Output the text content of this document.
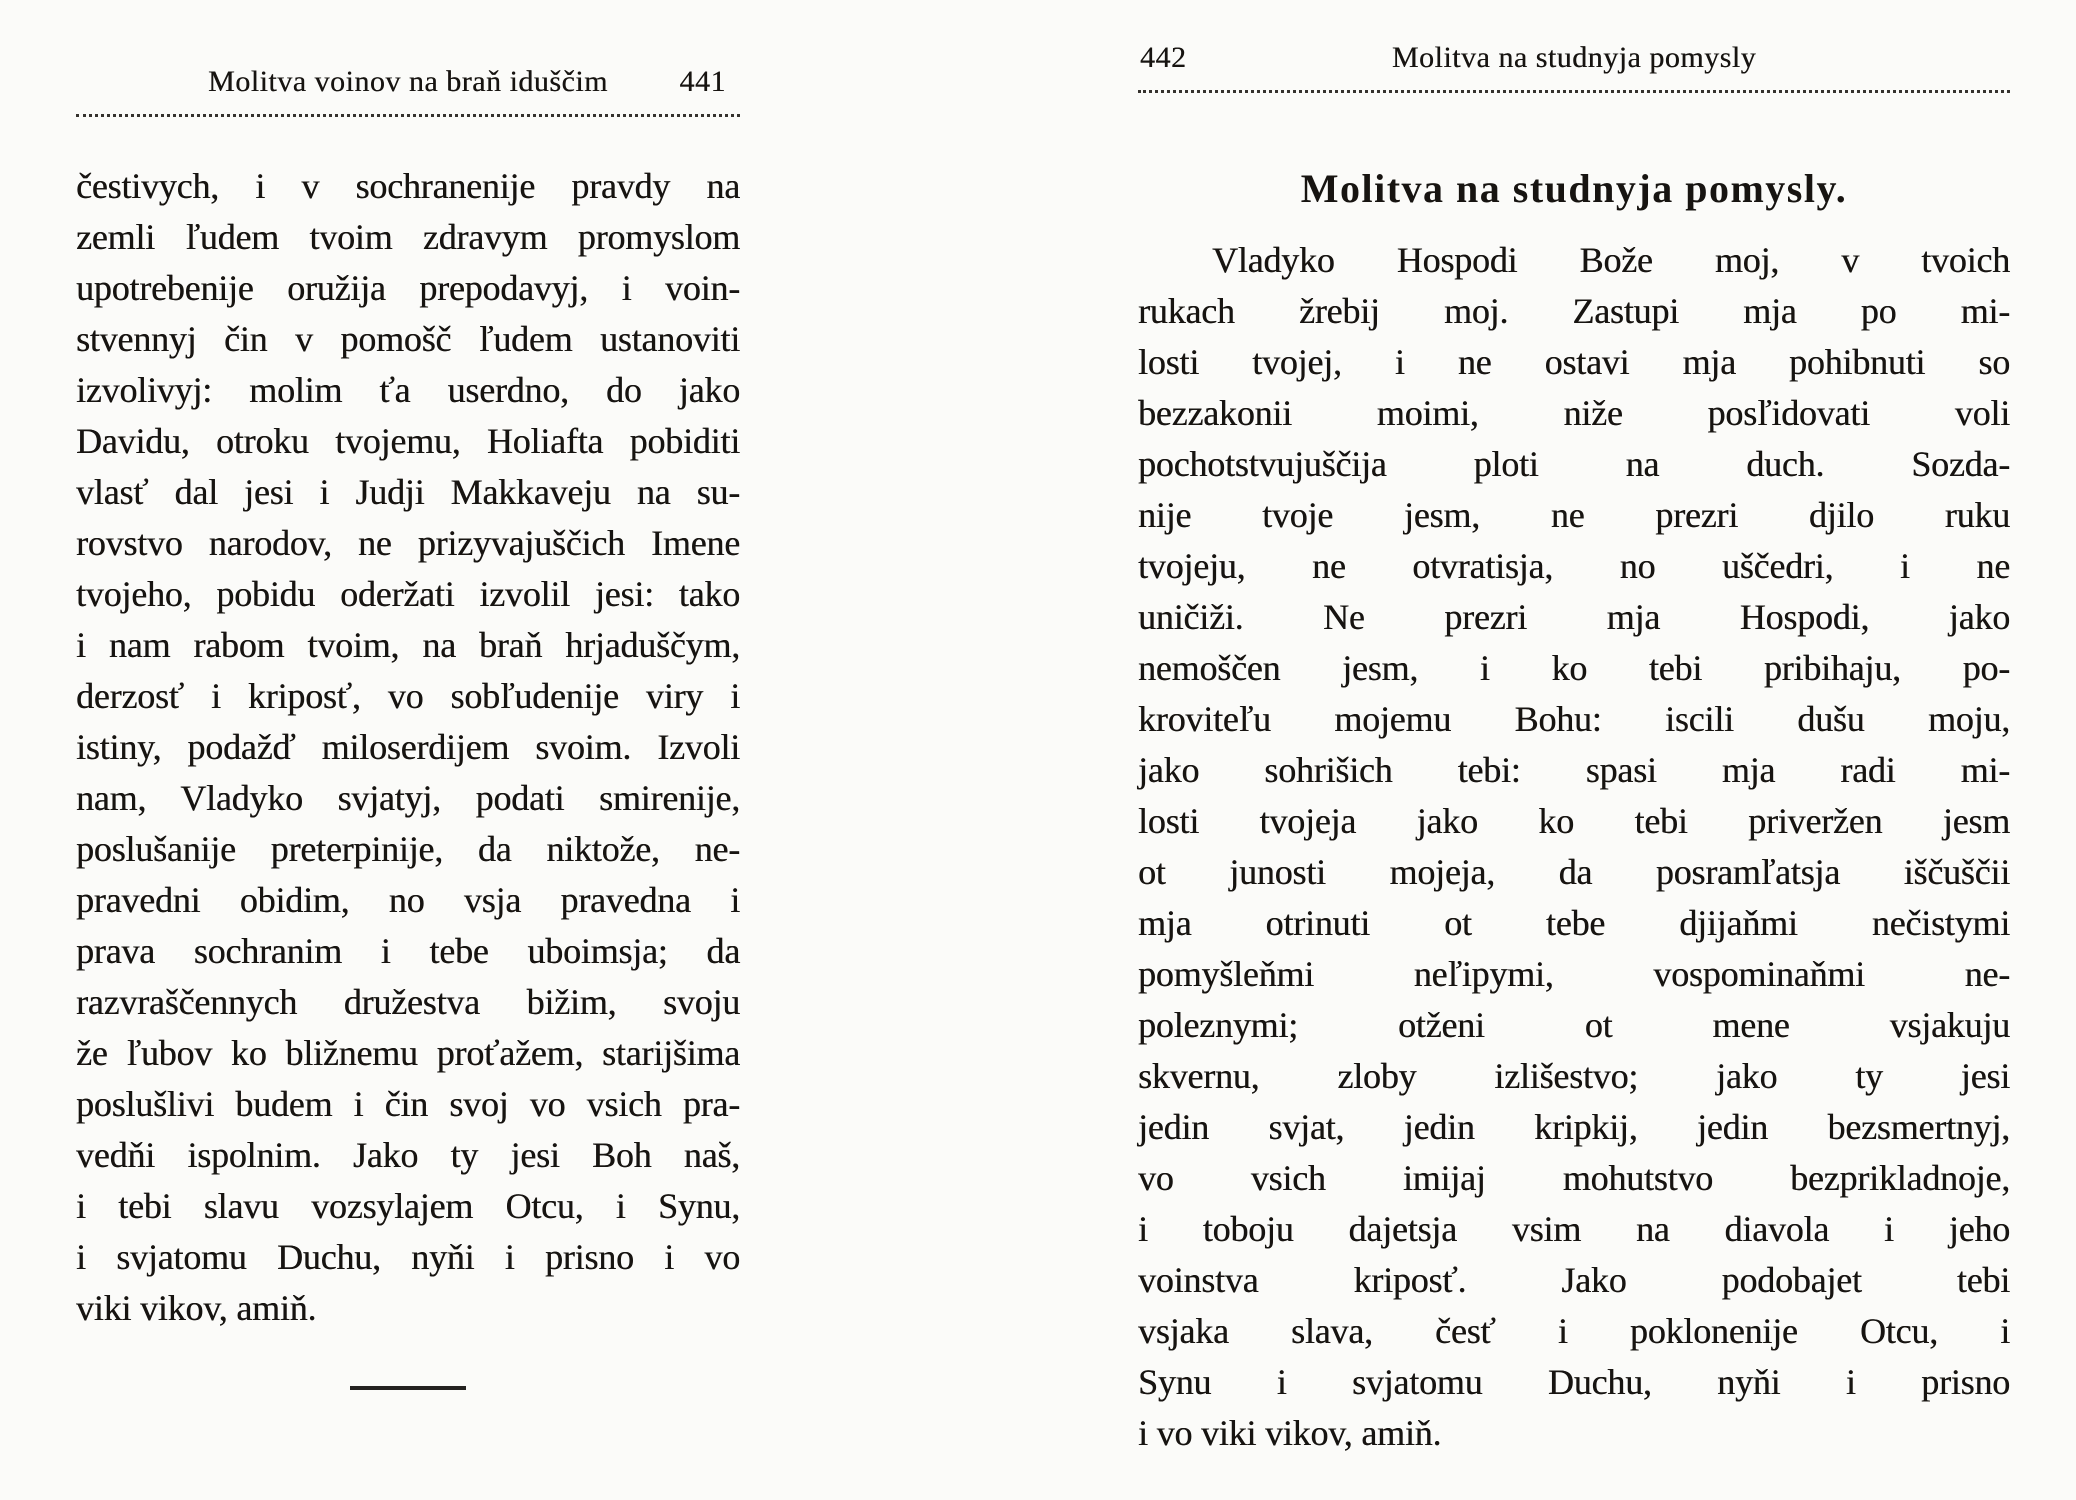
Molitva voinov na braň iduščim	441
čestivych, i v sochranenije pravdy na
zemli ľudem tvoim zdravym promyslom
upotrebenije oružija prepodavyj, i voin-
stvennyj čin v pomošč ľudem ustanoviti
izvolivyj: molim ťa userdno, do jako
Davidu, otroku tvojemu, Holiafta pobiditi
vlasť dal jesi i Judji Makkaveju na su-
rovstvo narodov, ne prizyvajuščich Imene
tvojeho, pobidu oderžati izvolil jesi: tako
i nam rabom tvoim, na braň hrjaduščym,
derzosť i kriposť, vo sobľudenije viry i
istiny, podažď miloserdijem svoim. Izvoli
nam, Vladyko svjatyj, podati smirenije,
poslušanije preterpinije, da niktože, ne-
pravedni obidim, no vsja pravedna i
prava sochranim i tebe uboimsja; da
razvraščennych družestva bižim, svoju
že ľubov ko bližnemu proťažem, starijšima
poslušlivi budem i čin svoj vo vsich pra-
vedňi ispolnim. Jako ty jesi Boh naš,
i tebi slavu vozsylajem Otcu, i Synu,
i svjatomu Duchu, nyňi i prisno i vo
viki vikov, amiň.
442	Molitva na studnyja pomysly
Molitva na studnyja pomysly.
Vladyko Hospodi Bože moj, v tvoich
rukach žrebij moj. Zastupi mja po mi-
losti tvojej, i ne ostavi mja pohibnuti so
bezzakonii moimi, niže posľidovati voli
pochotstvujuščija ploti na duch. Sozda-
nije tvoje jesm, ne prezri djilo ruku
tvojeju, ne otvratisja, no uščedri, i ne
uničiži. Ne prezri mja Hospodi, jako
nemoščen jesm, i ko tebi pribihaju, po-
kroviteľu mojemu Bohu: iscili dušu moju,
jako sohrišich tebi: spasi mja radi mi-
losti tvojeja jako ko tebi priveržen jesm
ot junosti mojeja, da posramľatsja iščuščii
mja otrinuti ot tebe djijaňmi nečistymi
pomyšleňmi neľipymi, vospominaňmi ne-
poleznymi; otženi ot mene vsjakuju
skvernu, zloby izlišestvo; jako ty jesi
jedin svjat, jedin kripkij, jedin bezsmertnyj,
vo vsich imijaj mohutstvo bezprikladnoje,
i toboju dajetsja vsim na diavola i jeho
voinstva kriposť. Jako podobajet tebi
vsjaka slava, česť i poklonenije Otcu, i
Synu i svjatomu Duchu, nyňi i prisno
i vo viki vikov, amiň.
